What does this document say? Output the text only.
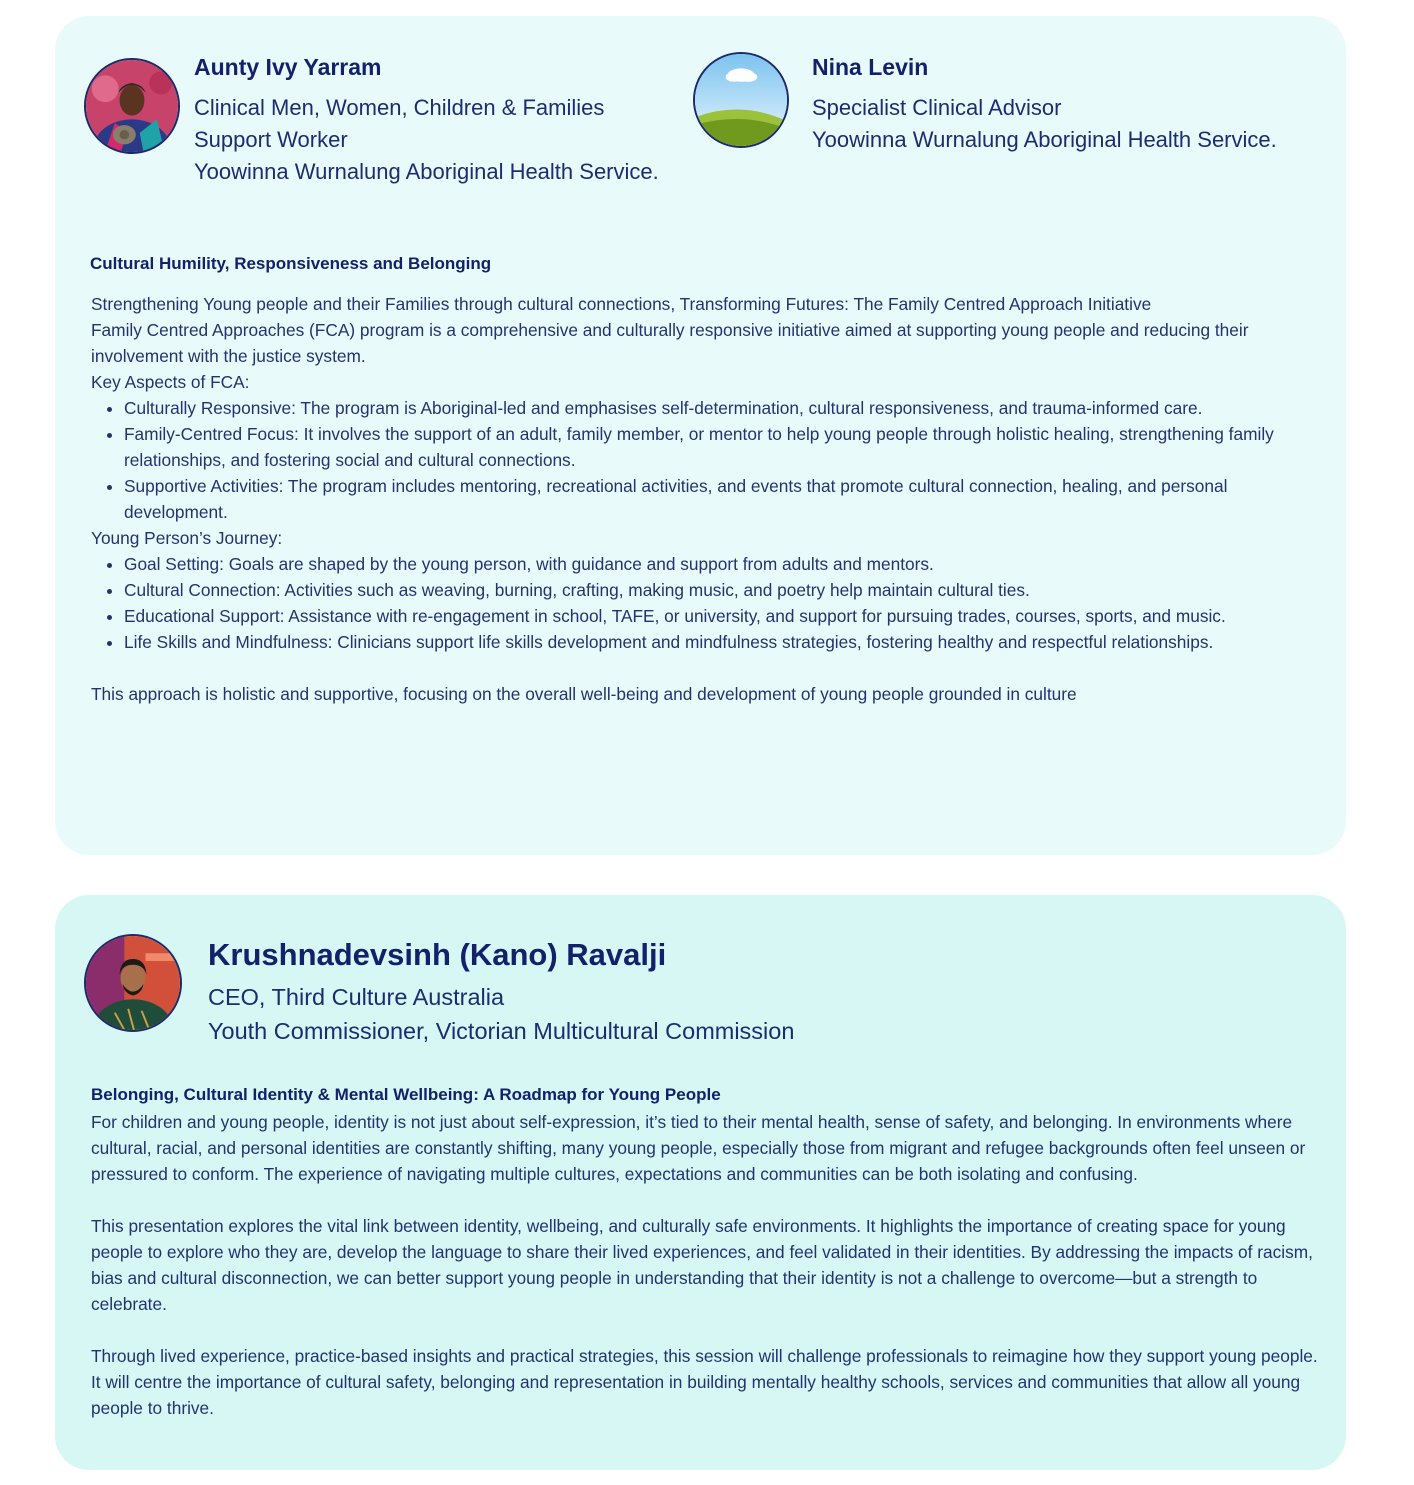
Aunty Ivy Yarram
Clinical Men, Women, Children & Families
Support Worker
Yoowinna Wurnalung Aboriginal Health Service.
Nina Levin
Specialist Clinical Advisor
Yoowinna Wurnalung Aboriginal Health Service.
Cultural Humility, Responsiveness and Belonging

Strengthening Young people and their Families through cultural connections, Transforming Futures: The Family Centred Approach Initiative

Family Centred Approaches (FCA) program is a comprehensive and culturally responsive initiative aimed at supporting young people and reducing their involvement with the justice system.

Key Aspects of FCA:

• Culturally Responsive: The program is Aboriginal-led and emphasises self-determination, cultural responsiveness, and trauma-informed care.
• Family-Centred Focus: It involves the support of an adult, family member, or mentor to help young people through holistic healing, strengthening family relationships, and fostering social and cultural connections.
• Supportive Activities: The program includes mentoring, recreational activities, and events that promote cultural connection, healing, and personal development.

Young Person’s Journey:

• Goal Setting: Goals are shaped by the young person, with guidance and support from adults and mentors.
• Cultural Connection: Activities such as weaving, burning, crafting, making music, and poetry help maintain cultural ties.
• Educational Support: Assistance with re-engagement in school, TAFE, or university, and support for pursuing trades, courses, sports, and music.
• Life Skills and Mindfulness: Clinicians support life skills development and mindfulness strategies, fostering healthy and respectful relationships.

This approach is holistic and supportive, focusing on the overall well-being and development of young people grounded in culture

Krushnadevsinh (Kano) Ravalji
CEO, Third Culture Australia
Youth Commissioner, Victorian Multicultural Commission
Belonging, Cultural Identity & Mental Wellbeing: A Roadmap for Young People

For children and young people, identity is not just about self-expression, it’s tied to their mental health, sense of safety, and belonging. In environments where cultural, racial, and personal identities are constantly shifting, many young people, especially those from migrant and refugee backgrounds often feel unseen or pressured to conform. The experience of navigating multiple cultures, expectations and communities can be both isolating and confusing.

This presentation explores the vital link between identity, wellbeing, and culturally safe environments. It highlights the importance of creating space for young people to explore who they are, develop the language to share their lived experiences, and feel validated in their identities. By addressing the impacts of racism, bias and cultural disconnection, we can better support young people in understanding that their identity is not a challenge to overcome—but a strength to celebrate.

Through lived experience, practice-based insights and practical strategies, this session will challenge professionals to reimagine how they support young people. It will centre the importance of cultural safety, belonging and representation in building mentally healthy schools, services and communities that allow all young people to thrive.
